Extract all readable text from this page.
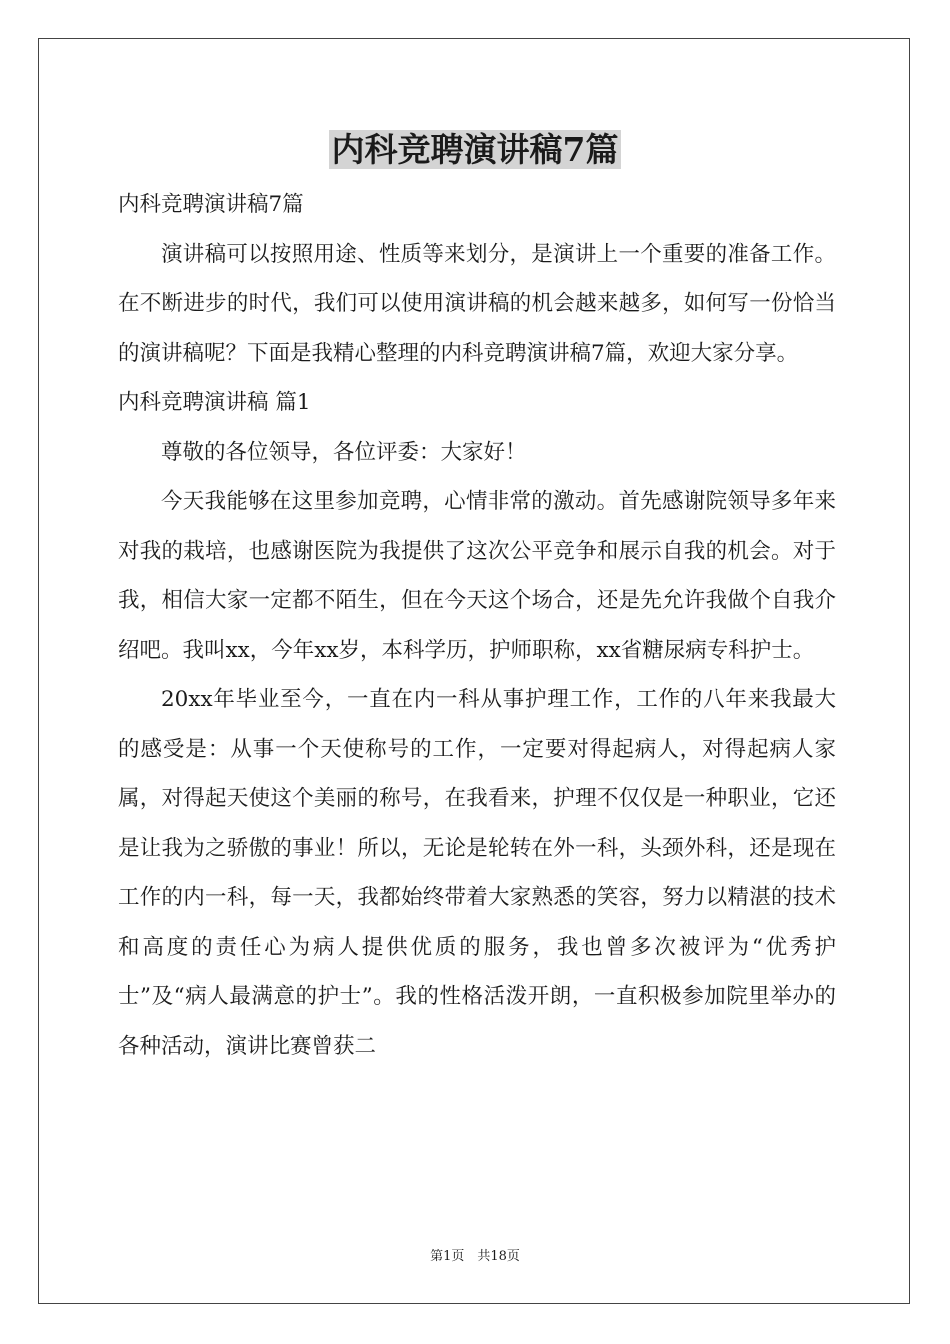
内科竞聘演讲稿7篇

内科竞聘演讲稿7篇

演讲稿可以按照用途、性质等来划分，是演讲上一个重要的准备工作。在不断进步的时代，我们可以使用演讲稿的机会越来越多，如何写一份恰当的演讲稿呢？下面是我精心整理的内科竞聘演讲稿7篇，欢迎大家分享。

内科竞聘演讲稿 篇1

尊敬的各位领导，各位评委：大家好！

今天我能够在这里参加竞聘，心情非常的激动。首先感谢院领导多年来对我的栽培，也感谢医院为我提供了这次公平竞争和展示自我的机会。对于我，相信大家一定都不陌生，但在今天这个场合，还是先允许我做个自我介绍吧。我叫xx，今年xx岁，本科学历，护师职称，xx省糖尿病专科护士。

20xx年毕业至今，一直在内一科从事护理工作，工作的八年来我最大的感受是：从事一个天使称号的工作，一定要对得起病人，对得起病人家属，对得起天使这个美丽的称号，在我看来，护理不仅仅是一种职业，它还是让我为之骄傲的事业！所以，无论是轮转在外一科，头颈外科，还是现在工作的内一科，每一天，我都始终带着大家熟悉的笑容，努力以精湛的技术和高度的责任心为病人提供优质的服务，我也曾多次被评为“优秀护士”及“病人最满意的护士”。我的性格活泼开朗，一直积极参加院里举办的各种活动，演讲比赛曾获二

第1页　共18页
